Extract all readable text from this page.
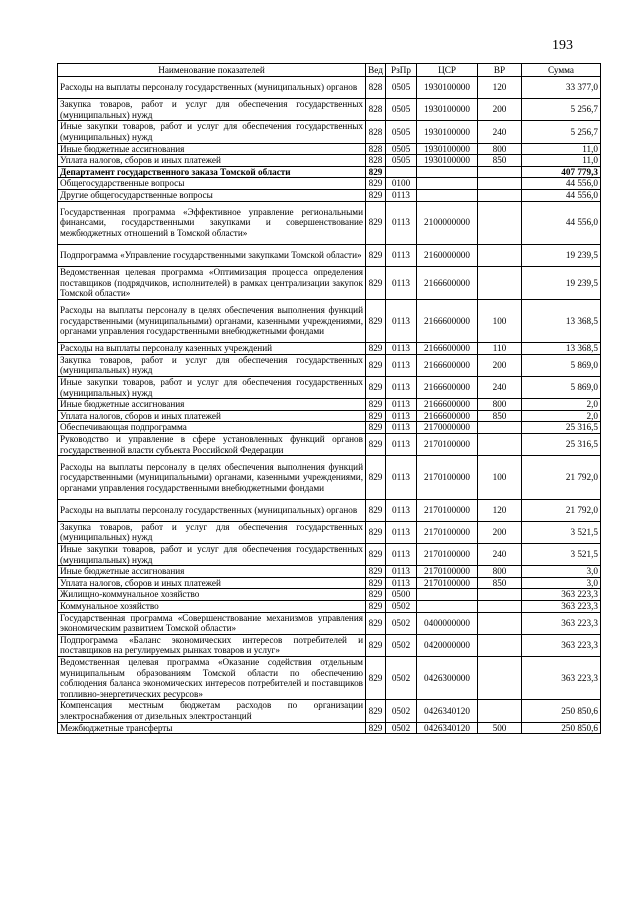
193
Наименование показателей	Вед	РзПр	ЦСР	ВР	Сумма
Расходы на выплаты персоналу государственных (муниципальных) органов	828	0505	1930100000	120	33 377,0
Закупка товаров, работ и услуг для обеспечения государственных (муниципальных) нужд	828	0505	1930100000	200	5 256,7
Иные закупки товаров, работ и услуг для обеспечения государственных (муниципальных) нужд	828	0505	1930100000	240	5 256,7
Иные бюджетные ассигнования	828	0505	1930100000	800	11,0
Уплата налогов, сборов и иных платежей	828	0505	1930100000	850	11,0
Департамент государственного заказа Томской области	829				407 779,3
Общегосударственные вопросы	829	0100			44 556,0
Другие общегосударственные вопросы	829	0113			44 556,0
Государственная программа «Эффективное управление региональными финансами, государственными закупками и совершенствование межбюджетных отношений в Томской области»	829	0113	2100000000		44 556,0
Подпрограмма «Управление государственными закупками Томской области»	829	0113	2160000000		19 239,5
Ведомственная целевая программа «Оптимизация процесса определения поставщиков (подрядчиков, исполнителей) в рамках централизации закупок Томской области»	829	0113	2166600000		19 239,5
Расходы на выплаты персоналу в целях обеспечения выполнения функций государственными (муниципальными) органами, казенными учреждениями, органами управления государственными внебюджетными фондами	829	0113	2166600000	100	13 368,5
Расходы на выплаты персоналу казенных учреждений	829	0113	2166600000	110	13 368,5
Закупка товаров, работ и услуг для обеспечения государственных (муниципальных) нужд	829	0113	2166600000	200	5 869,0
Иные закупки товаров, работ и услуг для обеспечения государственных (муниципальных) нужд	829	0113	2166600000	240	5 869,0
Иные бюджетные ассигнования	829	0113	2166600000	800	2,0
Уплата налогов, сборов и иных платежей	829	0113	2166600000	850	2,0
Обеспечивающая подпрограмма	829	0113	2170000000		25 316,5
Руководство и управление в сфере установленных функций органов государственной власти субъекта Российской Федерации	829	0113	2170100000		25 316,5
Расходы на выплаты персоналу в целях обеспечения выполнения функций государственными (муниципальными) органами, казенными учреждениями, органами управления государственными внебюджетными фондами	829	0113	2170100000	100	21 792,0
Расходы на выплаты персоналу государственных (муниципальных) органов	829	0113	2170100000	120	21 792,0
Закупка товаров, работ и услуг для обеспечения государственных (муниципальных) нужд	829	0113	2170100000	200	3 521,5
Иные закупки товаров, работ и услуг для обеспечения государственных (муниципальных) нужд	829	0113	2170100000	240	3 521,5
Иные бюджетные ассигнования	829	0113	2170100000	800	3,0
Уплата налогов, сборов и иных платежей	829	0113	2170100000	850	3,0
Жилищно-коммунальное хозяйство	829	0500			363 223,3
Коммунальное хозяйство	829	0502			363 223,3
Государственная программа «Совершенствование механизмов управления экономическим развитием Томской области»	829	0502	0400000000		363 223,3
Подпрограмма «Баланс экономических интересов потребителей и поставщиков на регулируемых рынках товаров и услуг»	829	0502	0420000000		363 223,3
Ведомственная целевая программа «Оказание содействия отдельным муниципальным образованиям Томской области по обеспечению соблюдения баланса экономических интересов потребителей и поставщиков топливно-энергетических ресурсов»	829	0502	0426300000		363 223,3
Компенсация местным бюджетам расходов по организации электроснабжения от дизельных электростанций	829	0502	0426340120		250 850,6
Межбюджетные трансферты	829	0502	0426340120	500	250 850,6
